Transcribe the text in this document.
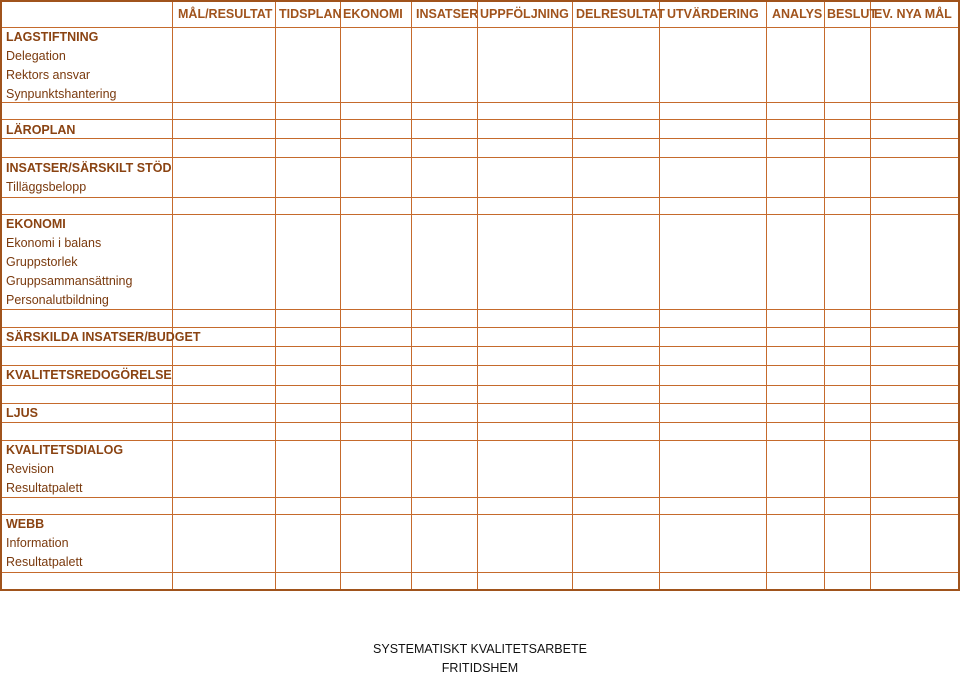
MÅL/RESULTAT TIDSPLAN EKONOMI INSATSER UPPFÖLJNING DELRESULTAT UTVÄRDERING ANALYS BESLUT
EV. NYA MÅL
LAGSTIFTNING
Delegation
Rektors ansvar
Synpunktshantering
LÄROPLAN
INSATSER/SÄRSKILT STÖD
Tilläggsbelopp
EKONOMI
Ekonomi i balans
Gruppstorlek
Gruppsammansättning
Personalutbildning
SÄRSKILDA INSATSER/BUDGET
KVALITETSREDOGÖRELSE
LJUS
KVALITETSDIALOG
Revision
Resultatpalett
WEBB
Information
Resultatpalett
SYSTEMATISKT KVALITETSARBETE
FRITIDSHEM
